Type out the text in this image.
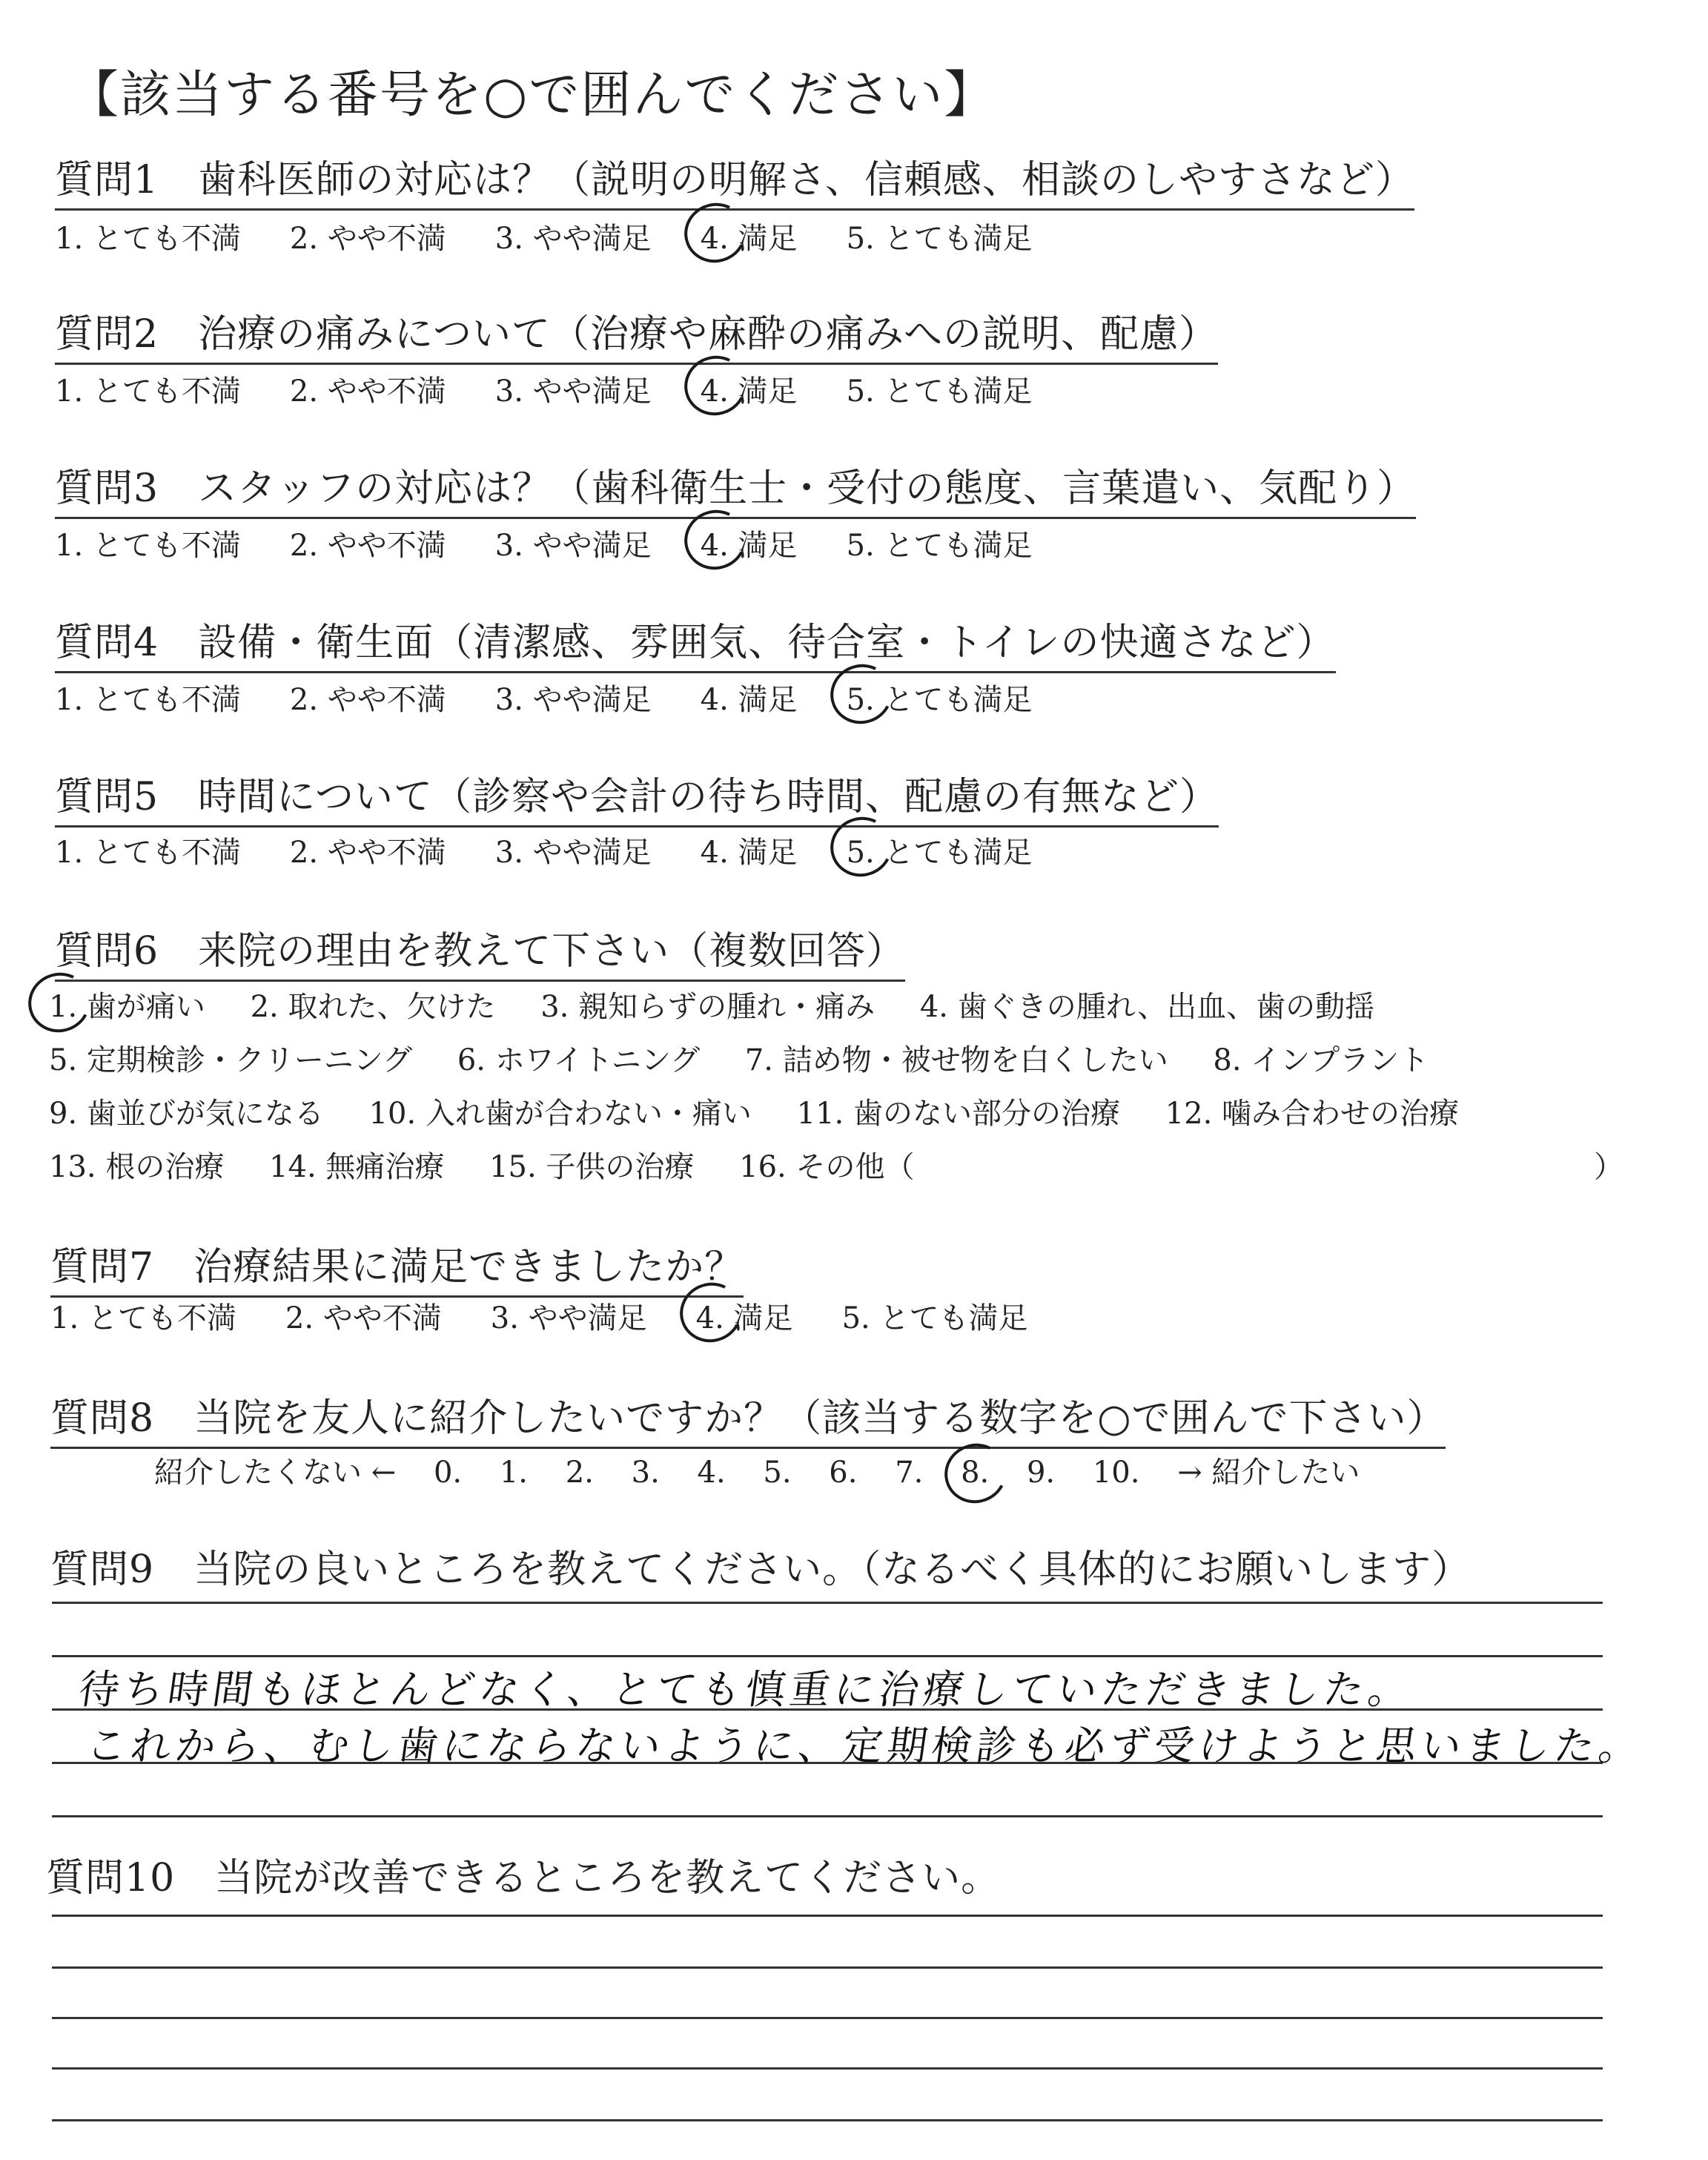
【該当する番号を○で囲んでください】
質問1　歯科医師の対応は？（説明の明解さ、信頼感、相談のしやすさなど）
1. とても不満 2. やや不満 3. やや満足 4. 満足 5. とても満足
質問2　治療の痛みについて（治療や麻酔の痛みへの説明、配慮）
1. とても不満 2. やや不満 3. やや満足 4. 満足 5. とても満足
質問3　スタッフの対応は？（歯科衛生士・受付の態度、言葉遣い、気配り）
1. とても不満 2. やや不満 3. やや満足 4. 満足 5. とても満足
質問4　設備・衛生面（清潔感、雰囲気、待合室・トイレの快適さなど）
1. とても不満 2. やや不満 3. やや満足 4. 満足 5. とても満足
質問5　時間について（診察や会計の待ち時間、配慮の有無など）
1. とても不満 2. やや不満 3. やや満足 4. 満足 5. とても満足
質問6　来院の理由を教えて下さい（複数回答）
1. 歯が痛い 2. 取れた、欠けた 3. 親知らずの腫れ・痛み 4. 歯ぐきの腫れ、出血、歯の動揺
5. 定期検診・クリーニング 6. ホワイトニング 7. 詰め物・被せ物を白くしたい 8. インプラント
9. 歯並びが気になる 10. 入れ歯が合わない・痛い 11. 歯のない部分の治療 12. 噛み合わせの治療
13. 根の治療 14. 無痛治療 15. 子供の治療 16. その他（	）
質問7　治療結果に満足できましたか？
1. とても不満 2. やや不満 3. やや満足 4. 満足 5. とても満足
質問8　当院を友人に紹介したいですか？（該当する数字を○で囲んで下さい）
紹介したくない ← 0. 1. 2. 3. 4. 5. 6. 7. 8. 9. 10. → 紹介したい
質問9　当院の良いところを教えてください。（なるべく具体的にお願いします）
待ち時間もほとんどなく、とても慎重に治療していただきました。
これから、むし歯にならないように、定期検診も必ず受けようと思いました。
質問10　当院が改善できるところを教えてください。
